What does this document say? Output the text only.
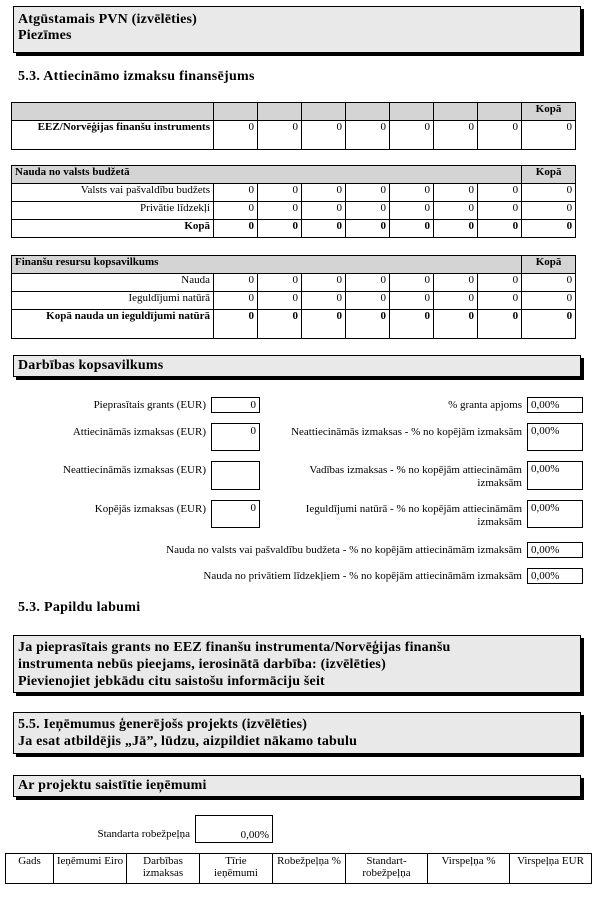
Atgūstamais PVN (izvēlēties)
Piezīmes
5.3. Attiecināmo izmaksu finansējums
								Kopā
EEZ/Norvēģijas finanšu instruments	0	0	0	0	0	0	0	0
Nauda no valsts budžetā								Kopā
Valsts vai pašvaldību budžets	0	0	0	0	0	0	0	0
Privātie līdzekļi	0	0	0	0	0	0	0	0
Kopā	0	0	0	0	0	0	0	0
Finanšu resursu kopsavilkums								Kopā
Nauda	0	0	0	0	0	0	0	0
Ieguldījumi natūrā	0	0	0	0	0	0	0	0
Kopā nauda un ieguldījumi natūrā	0	0	0	0	0	0	0	0
Darbības kopsavilkums
Pieprasītais grants (EUR)	0
Attiecināmās izmaksas (EUR)	0
Neattiecināmās izmaksas (EUR)
Kopējās izmaksas (EUR)	0
% granta apjoms 0,00%
Neattiecināmās izmaksas - % no kopējām izmaksām 0,00%
Vadības izmaksas - % no kopējām attiecināmām izmaksām
0,00%
Ieguldījumi natūrā - % no kopējām attiecināmām izmaksām
0,00%
Nauda no valsts vai pašvaldību budžeta - % no kopējām attiecināmām izmaksām 0,00%
Nauda no privātiem līdzekļiem - % no kopējām attiecināmām izmaksām 0,00%
5.3. Papildu labumi
Ja pieprasītais grants no EEZ finanšu instrumenta/Norvēģijas finanšu
instrumenta nebūs pieejams, ierosinātā darbība: (izvēlēties)
Pievienojiet jebkādu citu saistošu informāciju šeit
5.5. Ieņēmumus ģenerējošs projekts (izvēlēties)
Ja esat atbildējis „Jā”, lūdzu, aizpildiet nākamo tabulu
Ar projektu saistītie ieņēmumi
Standarta robežpeļņa	0,00%
Gads	Ieņēmumi Eiro	Darbības izmaksas	Tīrie ieņēmumi	Robežpeļņa %	Standart-robežpeļņa	Virspeļņa %	Virspeļņa EUR
